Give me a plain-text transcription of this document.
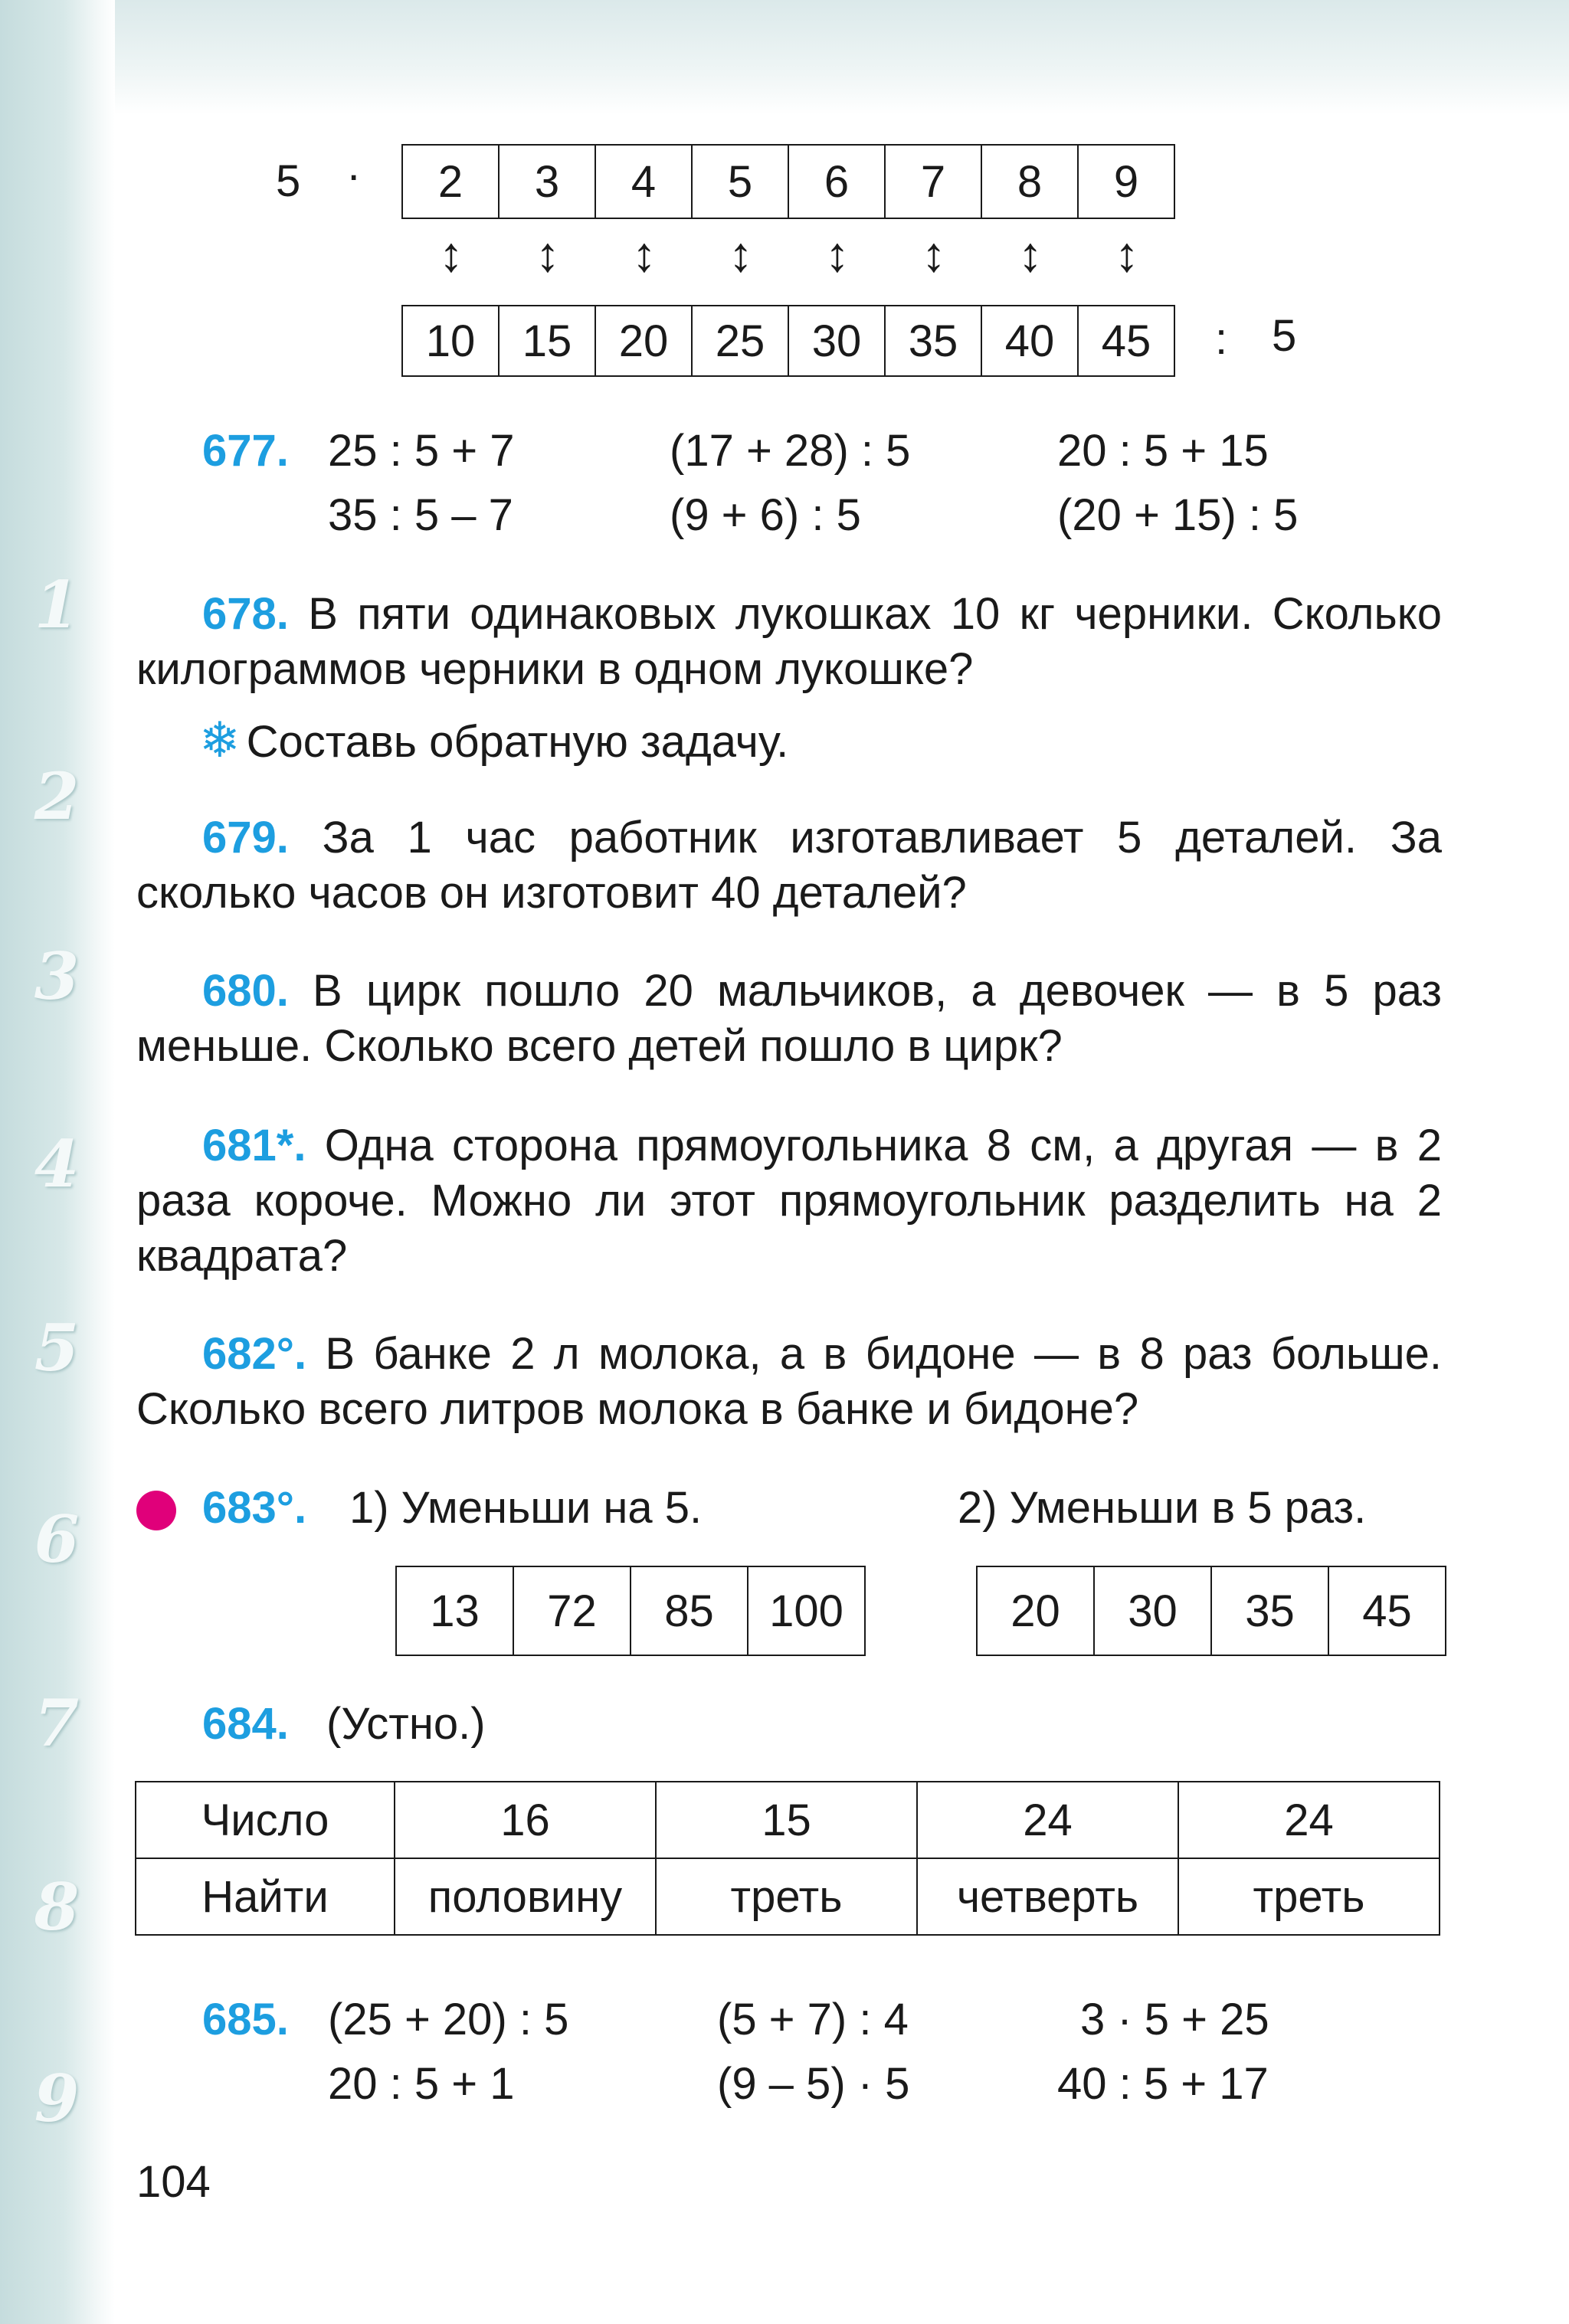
1
2
3
4
5
6
7
8
9
5 · 2	3	4	5	6	7	8	9
↕	↕	↕	↕	↕	↕	↕	↕
10	15	20	25	30	35	40	45 : 5
677. 25 : 5 + 7	(17 + 28) : 5	20 : 5 + 15
35 : 5 – 7	(9 + 6) : 5	(20 + 15) : 5
678. В пяти одинаковых лукошках 10 кг черники. Сколько килограммов черники в одном лукошке?
❄ Составь обратную задачу.
679. За 1 час работник изготавливает 5 деталей. За сколько часов он изготовит 40 деталей?
680. В цирк пошло 20 мальчиков, а девочек — в 5 раз меньше. Сколько всего детей пошло в цирк?
681*. Одна сторона прямоугольника 8 см, а другая — в 2 раза короче. Можно ли этот прямоугольник разделить на 2 квадрата?
682°. В банке 2 л молока, а в бидоне — в 8 раз больше. Сколько всего литров молока в банке и бидоне?
683°. 1) Уменьши на 5.	2) Уменьши в 5 раз.
13	72	85	100	20	30	35	45
684. (Устно.)
Число	16	15	24	24
Найти	половину	треть	четверть	треть
685. (25 + 20) : 5	(5 + 7) : 4	3 · 5 + 25
20 : 5 + 1	(9 – 5) · 5	40 : 5 + 17
104
